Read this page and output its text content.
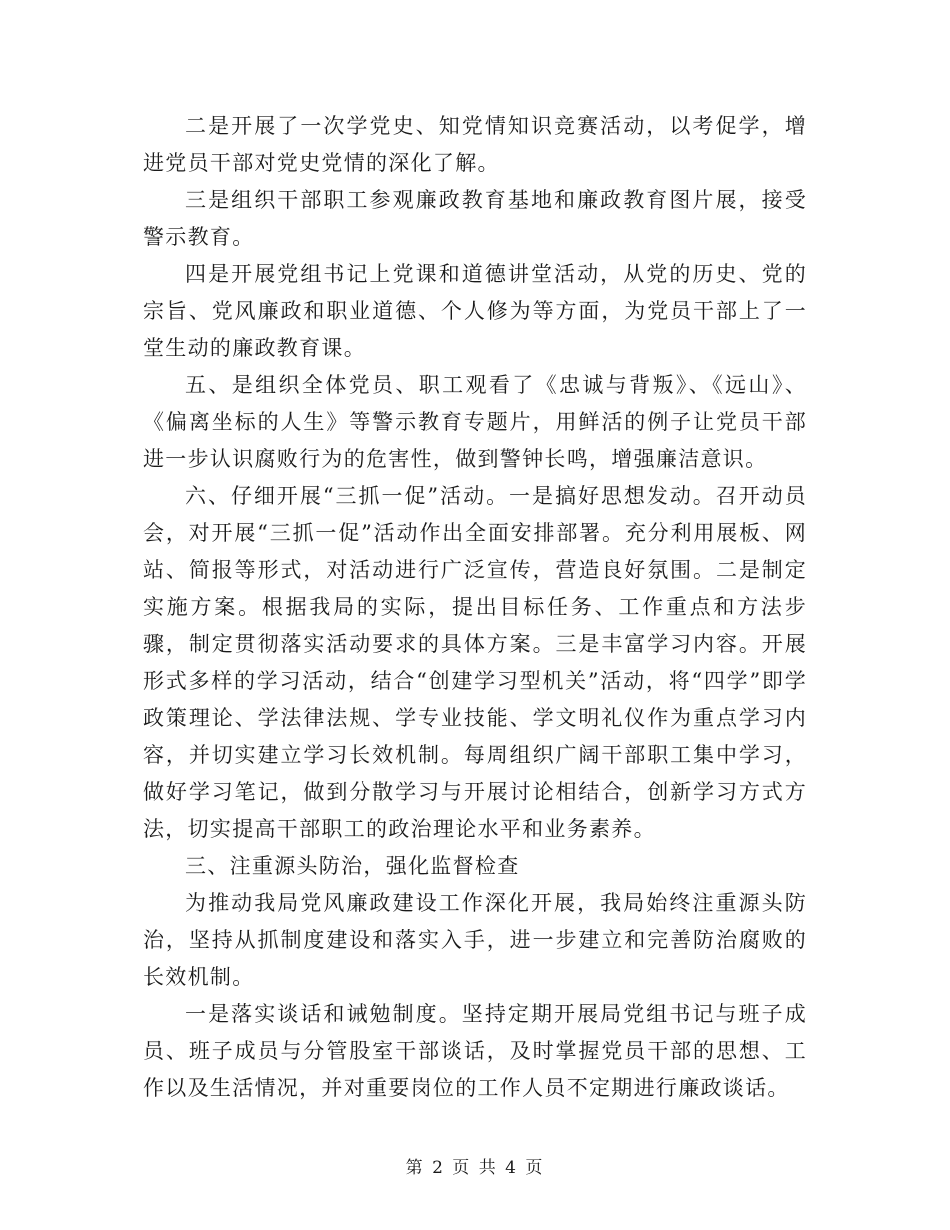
二是开展了一次学党史、知党情知识竞赛活动，以考促学，增进党员干部对党史党情的深化了解。

三是组织干部职工参观廉政教育基地和廉政教育图片展，接受警示教育。

四是开展党组书记上党课和道德讲堂活动，从党的历史、党的宗旨、党风廉政和职业道德、个人修为等方面，为党员干部上了一堂生动的廉政教育课。

五、是组织全体党员、职工观看了《忠诚与背叛》、《远山》、《偏离坐标的人生》等警示教育专题片，用鲜活的例子让党员干部进一步认识腐败行为的危害性，做到警钟长鸣，增强廉洁意识。

六、仔细开展“三抓一促”活动。一是搞好思想发动。召开动员会，对开展“三抓一促”活动作出全面安排部署。充分利用展板、网站、简报等形式，对活动进行广泛宣传，营造良好氛围。二是制定实施方案。根据我局的实际，提出目标任务、工作重点和方法步骤，制定贯彻落实活动要求的具体方案。三是丰富学习内容。开展形式多样的学习活动，结合“创建学习型机关”活动，将“四学”即学政策理论、学法律法规、学专业技能、学文明礼仪作为重点学习内容，并切实建立学习长效机制。每周组织广阔干部职工集中学习，做好学习笔记，做到分散学习与开展讨论相结合，创新学习方式方法，切实提高干部职工的政治理论水平和业务素养。

三、注重源头防治，强化监督检查

为推动我局党风廉政建设工作深化开展，我局始终注重源头防治，坚持从抓制度建设和落实入手，进一步建立和完善防治腐败的长效机制。

一是落实谈话和诫勉制度。坚持定期开展局党组书记与班子成员、班子成员与分管股室干部谈话，及时掌握党员干部的思想、工作以及生活情况，并对重要岗位的工作人员不定期进行廉政谈话。

第 2 页 共 4 页
